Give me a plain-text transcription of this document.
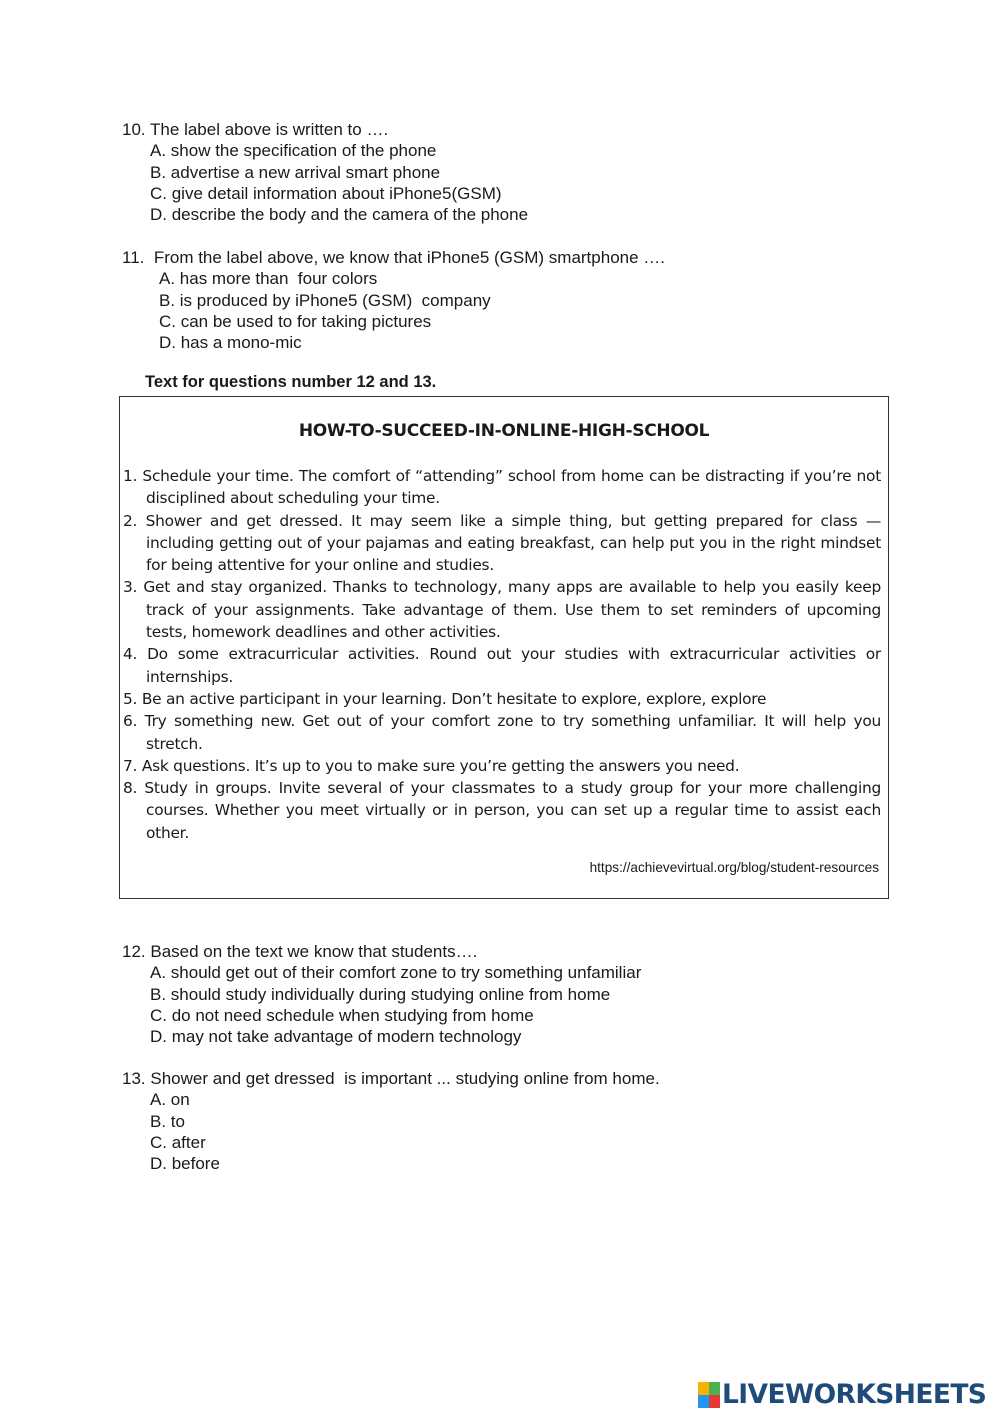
10. The label above is written to ….
A. show the specification of the phone
B. advertise a new arrival smart phone
C. give detail information about iPhone5(GSM)
D. describe the body and the camera of the phone
11.  From the label above, we know that iPhone5 (GSM) smartphone ….
A. has more than  four colors
B. is produced by iPhone5 (GSM)  company
C. can be used to for taking pictures
D. has a mono-mic
Text for questions number 12 and 13.
HOW-TO-SUCCEED-IN-ONLINE-HIGH-SCHOOL
1. Schedule your time. The comfort of “attending” school from home can be distracting if you’re not disciplined about scheduling your time.
2. Shower and get dressed. It may seem like a simple thing, but getting prepared for class — including getting out of your pajamas and eating breakfast, can help put you in the right mindset for being attentive for your online and studies.
3. Get and stay organized. Thanks to technology, many apps are available to help you easily keep track of your assignments. Take advantage of them. Use them to set reminders of upcoming tests, homework deadlines and other activities.
4. Do some extracurricular activities. Round out your studies with extracurricular activities or internships.
5. Be an active participant in your learning. Don’t hesitate to explore, explore, explore
6. Try something new. Get out of your comfort zone to try something unfamiliar. It will help you stretch.
7. Ask questions. It’s up to you to make sure you’re getting the answers you need.
8. Study in groups. Invite several of your classmates to a study group for your more challenging courses. Whether you meet virtually or in person, you can set up a regular time to assist each other.
https://achievevirtual.org/blog/student-resources
12. Based on the text we know that students….
A. should get out of their comfort zone to try something unfamiliar
B. should study individually during studying online from home
C. do not need schedule when studying from home
D. may not take advantage of modern technology
13. Shower and get dressed  is important ... studying online from home.
A. on
B. to
C. after
D. before
LIVEWORKSHEETS
